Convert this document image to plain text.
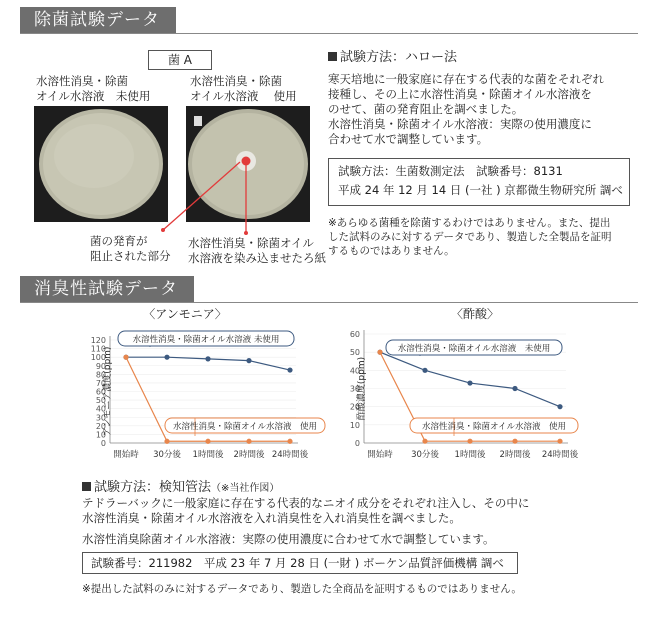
除菌試験データ
菌 A
水溶性消臭・除菌
オイル水溶液　未使用
水溶性消臭・除菌
オイル水溶液　 使用
菌の発育が
阻止された部分
水溶性消臭・除菌オイル
水溶液を染み込ませたろ紙
試験方法：ハロー法
寒天培地に一般家庭に存在する代表的な菌をそれぞれ
接種し、その上に水溶性消臭・除菌オイル水溶液を
のせて、菌の発育阻止を調べました。
水溶性消臭・除菌オイル水溶液：実際の使用濃度に
合わせて水で調整しています。
試験方法：生菌数測定法　試験番号：8131
平成 24 年 12 月 14 日 (一社 ) 京都微生物研究所 調べ
※あらゆる菌種を除菌するわけではありません。また、提出
した試料のみに対するデータであり、製造した全製品を証明
するものではありません。
消臭性試験データ
〈アンモニア〉
0
10
20
30
40
50
60
70
80
90
100
110
120
アンモニア濃度(ppm)
開始時 30分後 1時間後 2時間後 24時間後
水溶性消臭・除菌オイル水溶液 未使用
水溶性消臭・除菌オイル水溶液　使用
〈酢酸〉
0
10
20
30
40
50
60
酢酸濃度(ppm)
開始時 30分後 1時間後 2時間後 24時間後
水溶性消臭・除菌オイル水溶液　未使用
水溶性消臭・除菌オイル水溶液　使用
試験方法：検知管法（※当社作図）
テドラーバックに一般家庭に存在する代表的なニオイ成分をそれぞれ注入し、その中に
水溶性消臭・除菌オイル水溶液を入れ消臭性を入れ消臭性を調べました。
水溶性消臭除菌オイル水溶液：実際の使用濃度に合わせて水で調整しています。
試験番号：211982　平成 23 年 7 月 28 日 (一財 ) ボーケン品質評価機構 調べ
※提出した試料のみに対するデータであり、製造した全商品を証明するものではありません。
